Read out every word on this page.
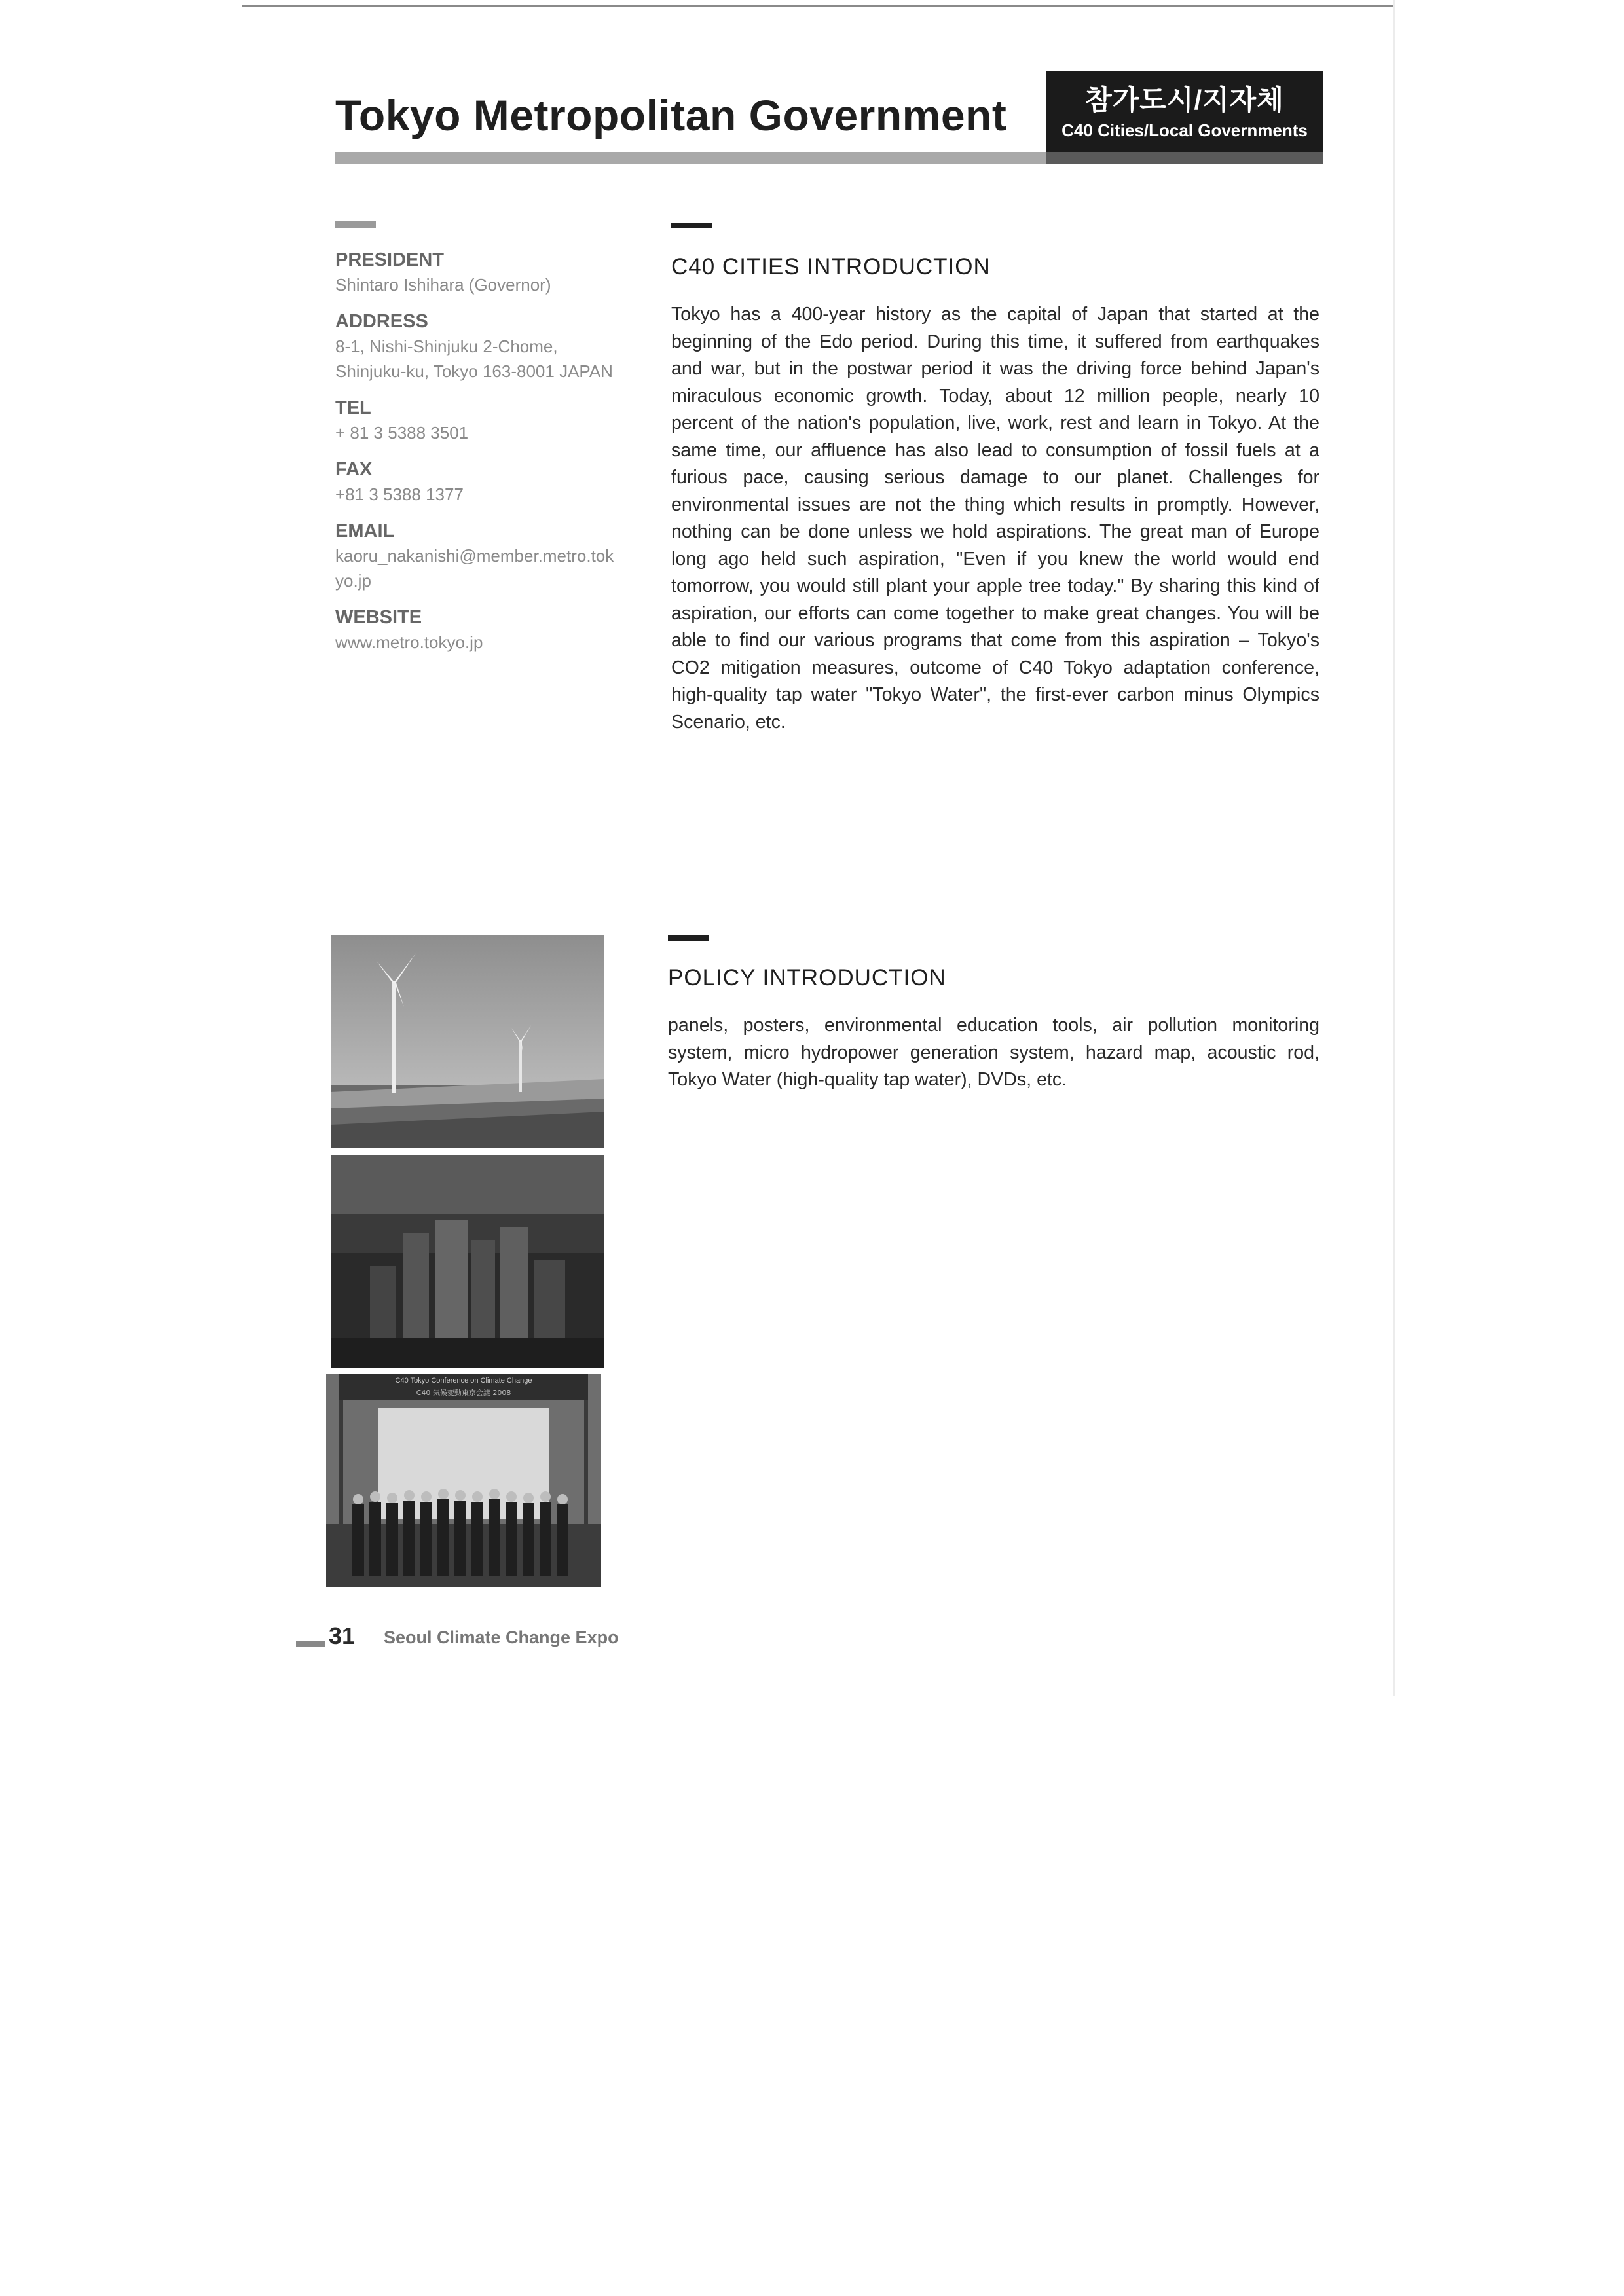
Tokyo Metropolitan Government	참가도시/지자체
C40 Cities/Local Governments

PRESIDENT

Shintaro Ishihara (Governor)

ADDRESS

8-1, Nishi-Shinjuku 2-Chome, Shinjuku-ku, Tokyo 163-8001 JAPAN

TEL

+ 81 3 5388 3501

FAX

+81 3 5388 1377

EMAIL

kaoru_nakanishi@member.metro.tokyo.jp

WEBSITE

www.metro.tokyo.jp

C40 CITIES INTRODUCTION

Tokyo has a 400-year history as the capital of Japan that started at the beginning of the Edo period. During this time, it suffered from earthquakes and war, but in the postwar period it was the driving force behind Japan's miraculous economic growth. Today, about 12 million people, nearly 10 percent of the nation's population, live, work, rest and learn in Tokyo. At the same time, our affluence has also lead to consumption of fossil fuels at a furious pace, causing serious damage to our planet. Challenges for environmental issues are not the thing which results in promptly. However, nothing can be done unless we hold aspirations. The great man of Europe long ago held such aspiration, "Even if you knew the world would end tomorrow, you would still plant your apple tree today." By sharing this kind of aspiration, our efforts can come together to make great changes. You will be able to find our various programs that come from this aspiration – Tokyo's CO2 mitigation measures, outcome of C40 Tokyo adaptation conference, high-quality tap water "Tokyo Water", the first-ever carbon minus Olympics Scenario, etc.

POLICY INTRODUCTION

panels, posters, environmental education tools, air pollution monitoring system, micro hydropower generation system, hazard map, acoustic rod, Tokyo Water (high-quality tap water), DVDs, etc.

C40 Tokyo Conference on Climate Change
C40 気候変動東京会議 2008
31 Seoul Climate Change Expo
